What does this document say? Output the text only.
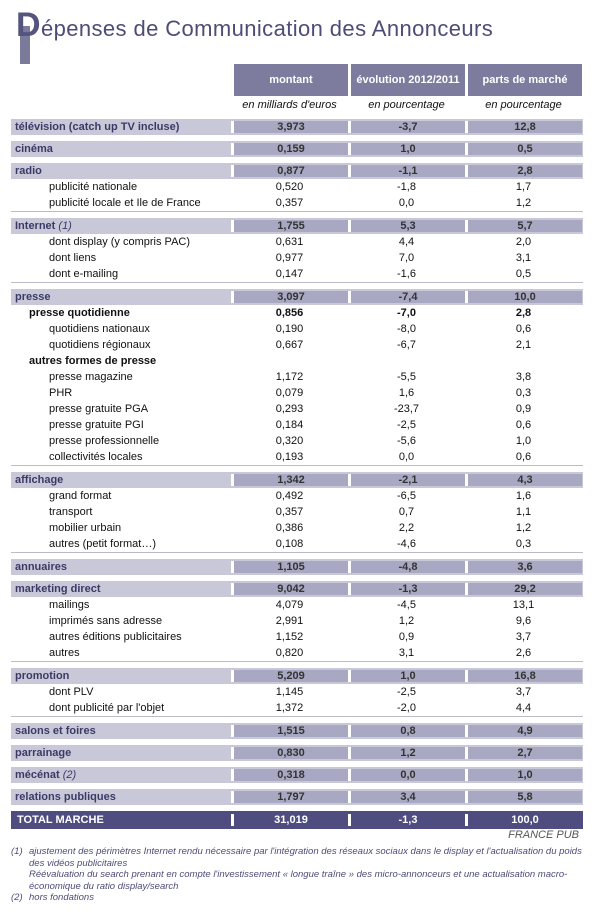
Dépenses de Communication des Annonceurs
montant	évolution 2012/2011	parts de marché
en milliards d'euros	en pourcentage	en pourcentage
télévision (catch up TV incluse)	3,973	-3,7	12,8
cinéma	0,159	1,0	0,5
radio	0,877	-1,1	2,8
publicité nationale	0,520	-1,8	1,7
publicité locale et Ile de France	0,357	0,0	1,2
Internet (1)	1,755	5,3	5,7
dont display (y compris PAC)	0,631	4,4	2,0
dont liens	0,977	7,0	3,1
dont e-mailing	0,147	-1,6	0,5
presse	3,097	-7,4	10,0
presse quotidienne	0,856	-7,0	2,8
quotidiens nationaux	0,190	-8,0	0,6
quotidiens régionaux	0,667	-6,7	2,1
autres formes de presse
presse magazine	1,172	-5,5	3,8
PHR	0,079	1,6	0,3
presse gratuite PGA	0,293	-23,7	0,9
presse gratuite PGI	0,184	-2,5	0,6
presse professionnelle	0,320	-5,6	1,0
collectivités locales	0,193	0,0	0,6
affichage	1,342	-2,1	4,3
grand format	0,492	-6,5	1,6
transport	0,357	0,7	1,1
mobilier urbain	0,386	2,2	1,2
autres (petit format…)	0,108	-4,6	0,3
annuaires	1,105	-4,8	3,6
marketing direct	9,042	-1,3	29,2
mailings	4,079	-4,5	13,1
imprimés sans adresse	2,991	1,2	9,6
autres éditions publicitaires	1,152	0,9	3,7
autres	0,820	3,1	2,6
promotion	5,209	1,0	16,8
dont PLV	1,145	-2,5	3,7
dont publicité par l'objet	1,372	-2,0	4,4
salons et foires	1,515	0,8	4,9
parrainage	0,830	1,2	2,7
mécénat (2)	0,318	0,0	1,0
relations publiques	1,797	3,4	5,8
TOTAL MARCHE	31,019	-1,3	100,0
FRANCE PUB
(1) ajustement des périmètres Internet rendu nécessaire par l'intégration des réseaux sociaux dans le display et l'actualisation du poids des vidéos publicitaires
Réévaluation du search prenant en compte l'investissement « longue traîne » des micro-annonceurs et une actualisation macro-économique du ratio display/search
(2) hors fondations
